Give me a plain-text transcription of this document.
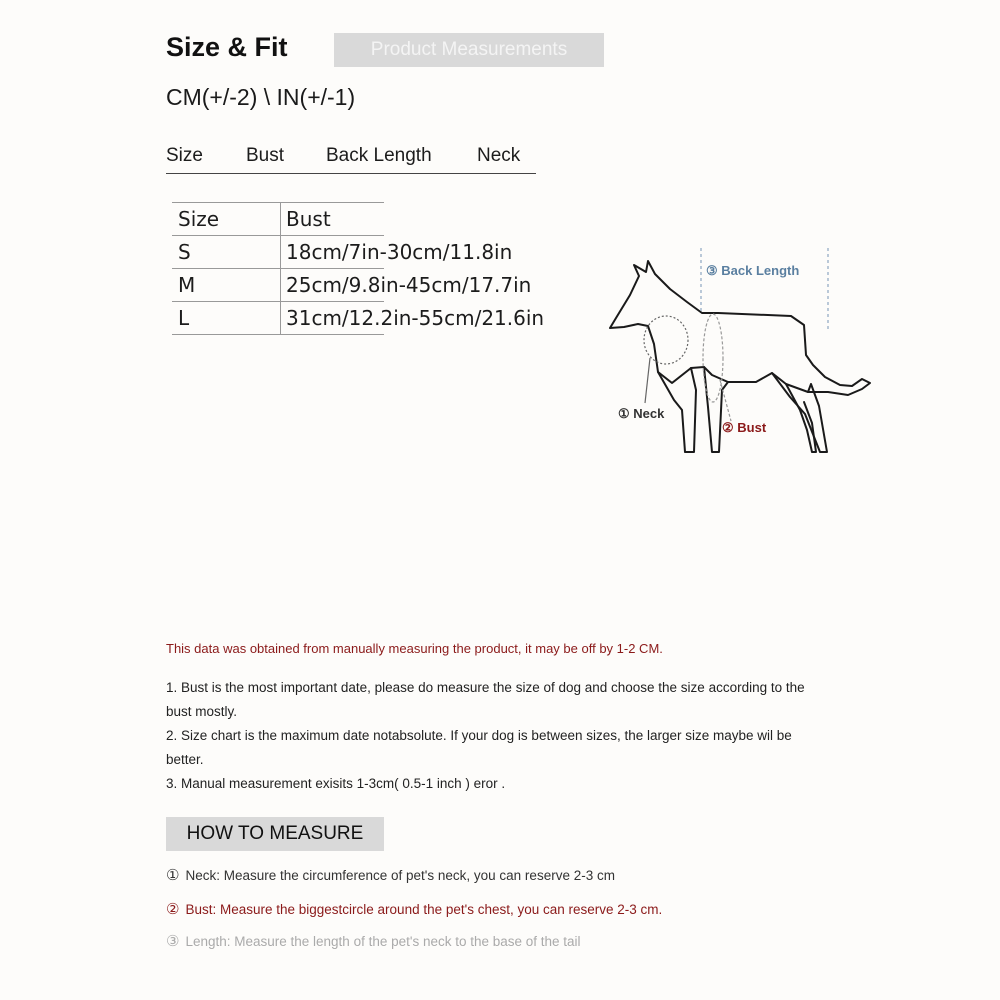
Size & Fit	Product Measurements
CM(+/-2) \ IN(+/-1)
Size Bust Back Length Neck
Size	Bust
S	18cm/7in-30cm/11.8in
M	25cm/9.8in-45cm/17.7in
L	31cm/12.2in-55cm/21.6in
③ Back Length
① Neck
② Bust
This data was obtained from manually measuring the product, it may be off by 1-2 CM.

1. Bust is the most important date, please do measure the size of dog and choose the size according to the bust mostly.

2. Size chart is the maximum date notabsolute. If your dog is between sizes, the larger size maybe wil be better.

3. Manual measurement exisits 1-3cm( 0.5-1 inch ) eror .

HOW TO MEASURE
① Neck: Measure the circumference of pet's neck, you can reserve 2-3 cm
② Bust: Measure the biggestcircle around the pet's chest, you can reserve 2-3 cm.
③ Length: Measure the length of the pet's neck to the base of the tail
